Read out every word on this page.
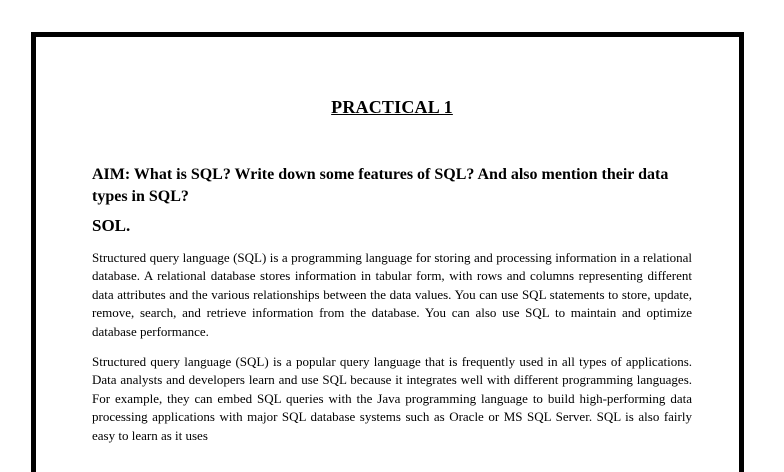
PRACTICAL 1
AIM: What is SQL? Write down some features of SQL? And also mention their data types in SQL?
SOL.

Structured query language (SQL) is a programming language for storing and processing information in a relational database. A relational database stores information in tabular form, with rows and columns representing different data attributes and the various relationships between the data values. You can use SQL statements to store, update, remove, search, and retrieve information from the database. You can also use SQL to maintain and optimize database performance.

Structured query language (SQL) is a popular query language that is frequently used in all types of applications. Data analysts and developers learn and use SQL because it integrates well with different programming languages. For example, they can embed SQL queries with the Java programming language to build high-performing data processing applications with major SQL database systems such as Oracle or MS SQL Server. SQL is also fairly easy to learn as it uses
